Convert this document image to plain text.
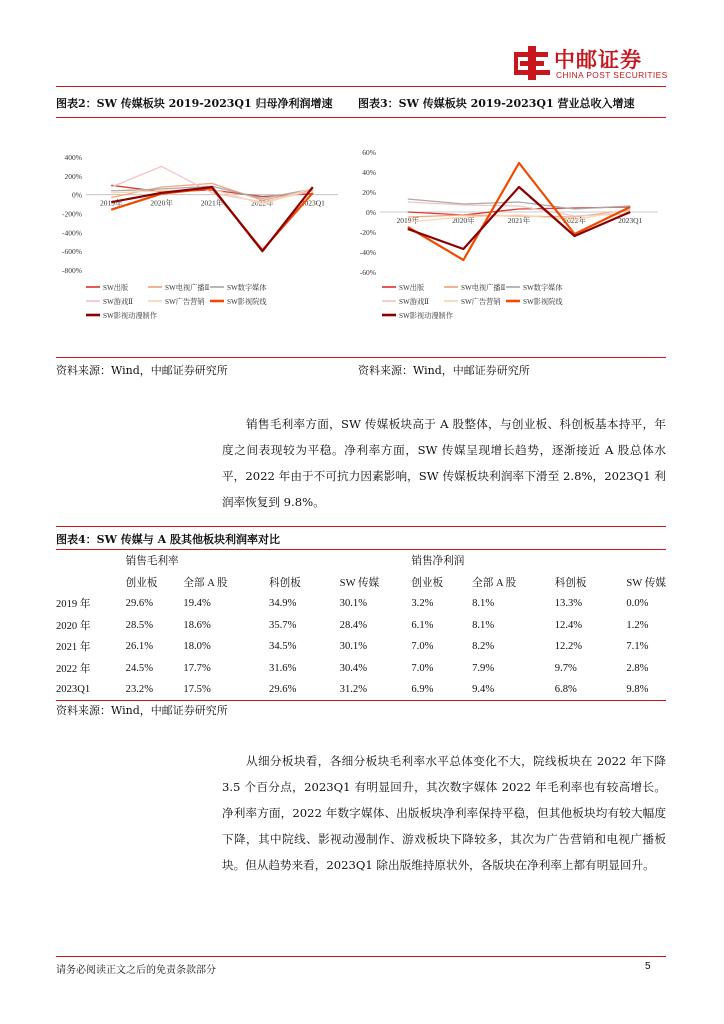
中邮证券
CHINA POST SECURITIES
图表2：SW 传媒板块 2019-2023Q1 归母净利润增速 图表3：SW 传媒板块 2019-2023Q1 营业总收入增速
400%
200%
0%
-200%
-400%
-600%
-800%
2019年	2020年	2021年	2022年	2023Q1
SW出版	SW电视广播Ⅱ SW数字媒体
SW游戏Ⅱ	SW广告营销	SW影视院线
SW影视动漫制作
60%
40%
20%
0%
-20%
-40%
-60%
2019年	2020年	2021年	2022年	2023Q1
SW出版	SW电视广播Ⅱ SW数字媒体
SW游戏Ⅱ	SW广告营销	SW影视院线
SW影视动漫制作
资料来源：Wind，中邮证券研究所	资料来源：Wind，中邮证券研究所

销售毛利率方面，SW 传媒板块高于 A 股整体，与创业板、科创板基本持平，年度之间表现较为平稳。净利率方面，SW 传媒呈现增长趋势，逐渐接近 A 股总体水平，2022 年由于不可抗力因素影响，SW 传媒板块利润率下滑至 2.8%，2023Q1 利润率恢复到 9.8%。

图表4：SW 传媒与 A 股其他板块利润率对比
	销售毛利率				销售净利润			
	创业板	全部 A 股	科创板	SW 传媒	创业板	全部 A 股	科创板	SW 传媒
2019 年	29.6%	19.4%	34.9%	30.1%	3.2%	8.1%	13.3%	0.0%
2020 年	28.5%	18.6%	35.7%	28.4%	6.1%	8.1%	12.4%	1.2%
2021 年	26.1%	18.0%	34.5%	30.1%	7.0%	8.2%	12.2%	7.1%
2022 年	24.5%	17.7%	31.6%	30.4%	7.0%	7.9%	9.7%	2.8%
2023Q1	23.2%	17.5%	29.6%	31.2%	6.9%	9.4%	6.8%	9.8%
资料来源：Wind，中邮证券研究所

从细分板块看，各细分板块毛利率水平总体变化不大，院线板块在 2022 年下降 3.5 个百分点，2023Q1 有明显回升，其次数字媒体 2022 年毛利率也有较高增长。净利率方面，2022 年数字媒体、出版板块净利率保持平稳，但其他板块均有较大幅度下降，其中院线、影视动漫制作、游戏板块下降较多，其次为广告营销和电视广播板块。但从趋势来看，2023Q1 除出版维持原状外，各版块在净利率上都有明显回升。

请务必阅读正文之后的免责条款部分	5
